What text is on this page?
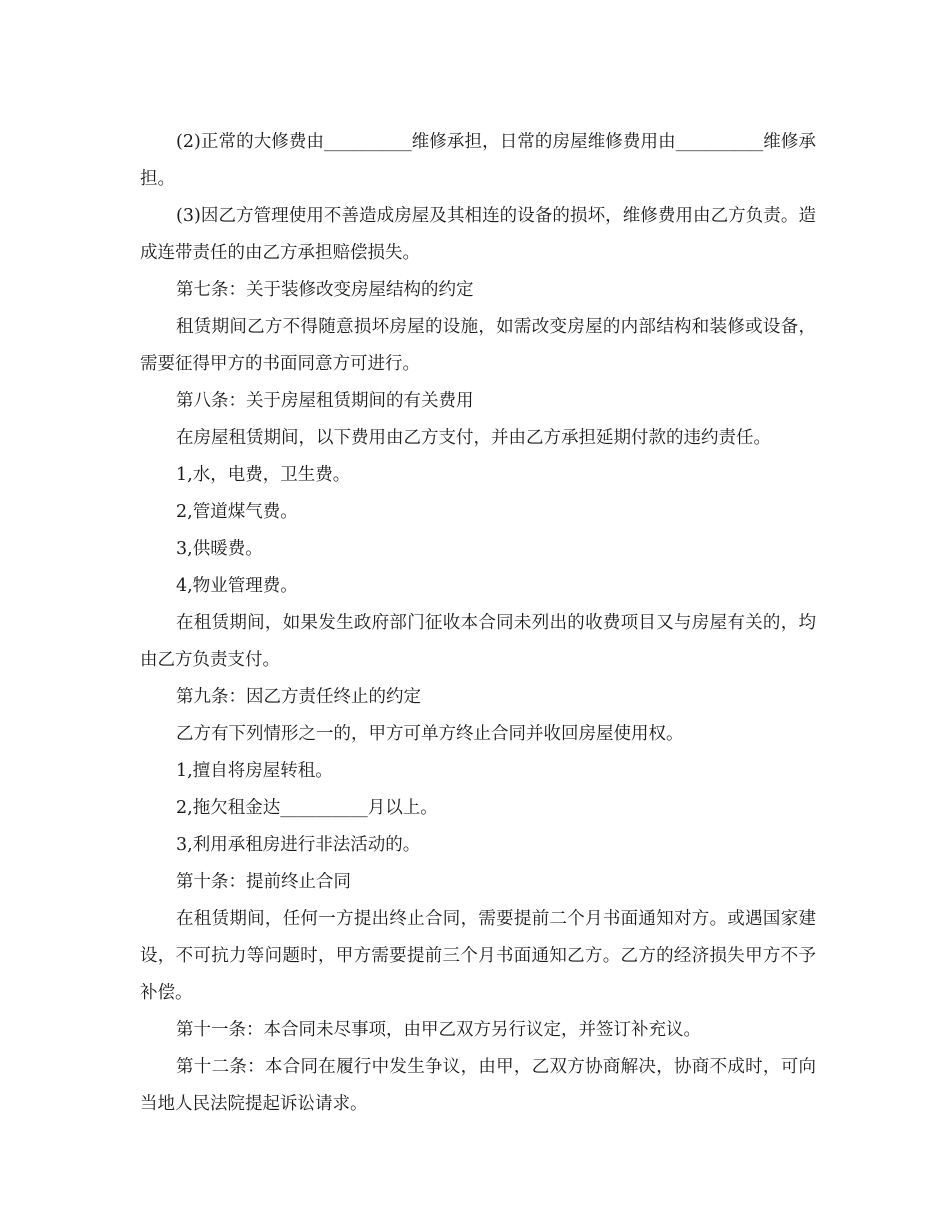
(2)正常的大修费由__________维修承担，日常的房屋维修费用由__________维修承担。

(3)因乙方管理使用不善造成房屋及其相连的设备的损坏，维修费用由乙方负责。造成连带责任的由乙方承担赔偿损失。

第七条：关于装修改变房屋结构的约定

租赁期间乙方不得随意损坏房屋的设施，如需改变房屋的内部结构和装修或设备，需要征得甲方的书面同意方可进行。

第八条：关于房屋租赁期间的有关费用

在房屋租赁期间，以下费用由乙方支付，并由乙方承担延期付款的违约责任。

1,水，电费，卫生费。

2,管道煤气费。

3,供暖费。

4,物业管理费。

在租赁期间，如果发生政府部门征收本合同未列出的收费项目又与房屋有关的，均由乙方负责支付。

第九条：因乙方责任终止的约定

乙方有下列情形之一的，甲方可单方终止合同并收回房屋使用权。

1,擅自将房屋转租。

2,拖欠租金达__________月以上。

3,利用承租房进行非法活动的。

第十条：提前终止合同

在租赁期间，任何一方提出终止合同，需要提前二个月书面通知对方。或遇国家建设，不可抗力等问题时，甲方需要提前三个月书面通知乙方。乙方的经济损失甲方不予补偿。

第十一条：本合同未尽事项，由甲乙双方另行议定，并签订补充议。

第十二条：本合同在履行中发生争议，由甲，乙双方协商解决，协商不成时，可向当地人民法院提起诉讼请求。
